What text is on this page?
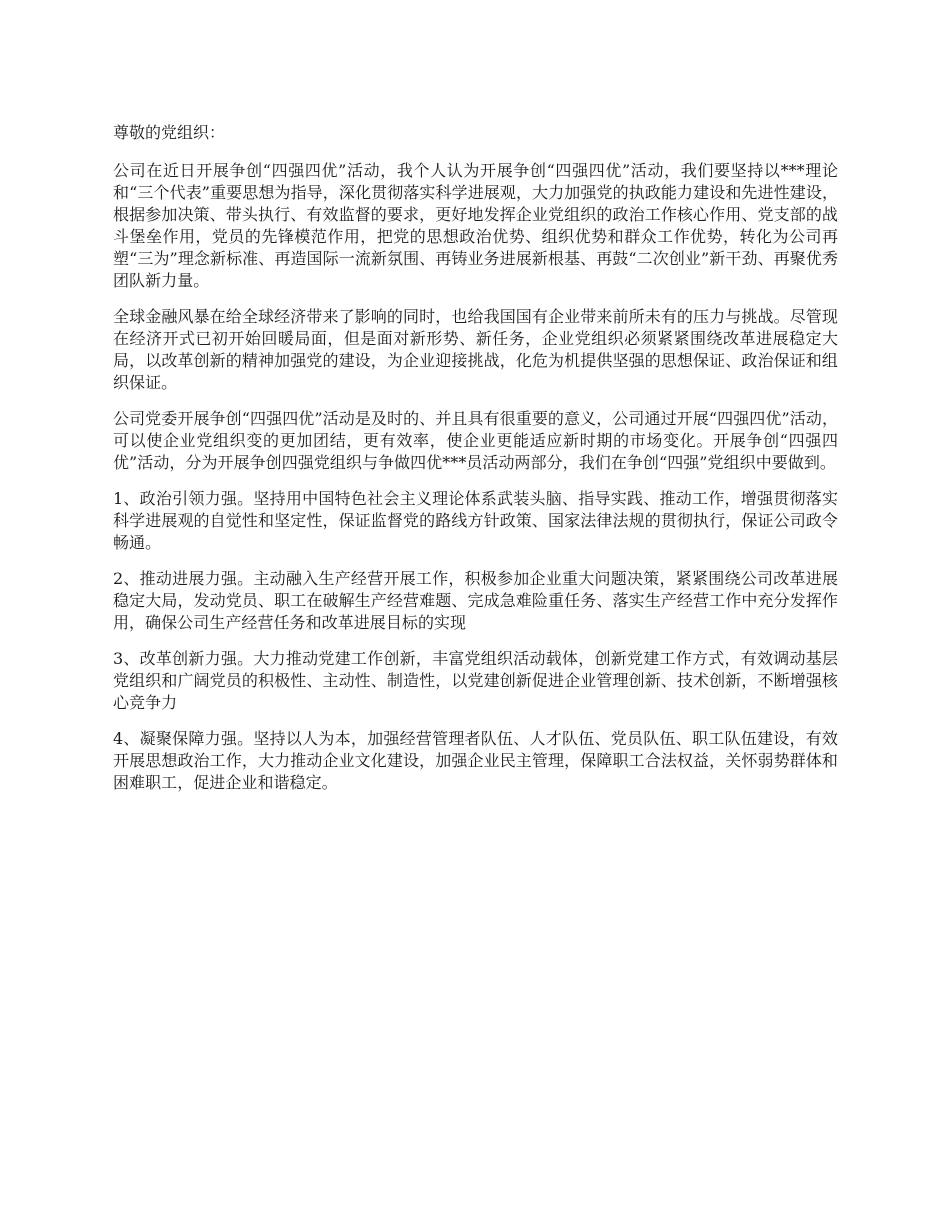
尊敬的党组织：

公司在近日开展争创“四强四优”活动，我个人认为开展争创“四强四优”活动，我们要坚持以***理论和“三个代表”重要思想为指导，深化贯彻落实科学进展观，大力加强党的执政能力建设和先进性建设，根据参加决策、带头执行、有效监督的要求，更好地发挥企业党组织的政治工作核心作用、党支部的战斗堡垒作用，党员的先锋模范作用，把党的思想政治优势、组织优势和群众工作优势，转化为公司再塑“三为”理念新标准、再造国际一流新氛围、再铸业务进展新根基、再鼓“二次创业”新干劲、再聚优秀团队新力量。

全球金融风暴在给全球经济带来了影响的同时，也给我国国有企业带来前所未有的压力与挑战。尽管现在经济开式已初开始回暖局面，但是面对新形势、新任务，企业党组织必须紧紧围绕改革进展稳定大局，以改革创新的精神加强党的建设，为企业迎接挑战，化危为机提供坚强的思想保证、政治保证和组织保证。

公司党委开展争创“四强四优”活动是及时的、并且具有很重要的意义，公司通过开展“四强四优”活动，可以使企业党组织变的更加团结，更有效率，使企业更能适应新时期的市场变化。开展争创“四强四优”活动，分为开展争创四强党组织与争做四优***员活动两部分，我们在争创“四强”党组织中要做到。

1、政治引领力强。坚持用中国特色社会主义理论体系武装头脑、指导实践、推动工作，增强贯彻落实科学进展观的自觉性和坚定性，保证监督党的路线方针政策、国家法律法规的贯彻执行，保证公司政令畅通。

2、推动进展力强。主动融入生产经营开展工作，积极参加企业重大问题决策，紧紧围绕公司改革进展稳定大局，发动党员、职工在破解生产经营难题、完成急难险重任务、落实生产经营工作中充分发挥作用，确保公司生产经营任务和改革进展目标的实现

3、改革创新力强。大力推动党建工作创新，丰富党组织活动载体，创新党建工作方式，有效调动基层党组织和广阔党员的积极性、主动性、制造性，以党建创新促进企业管理创新、技术创新，不断增强核心竞争力

4、凝聚保障力强。坚持以人为本，加强经营管理者队伍、人才队伍、党员队伍、职工队伍建设，有效开展思想政治工作，大力推动企业文化建设，加强企业民主管理，保障职工合法权益，关怀弱势群体和困难职工，促进企业和谐稳定。
